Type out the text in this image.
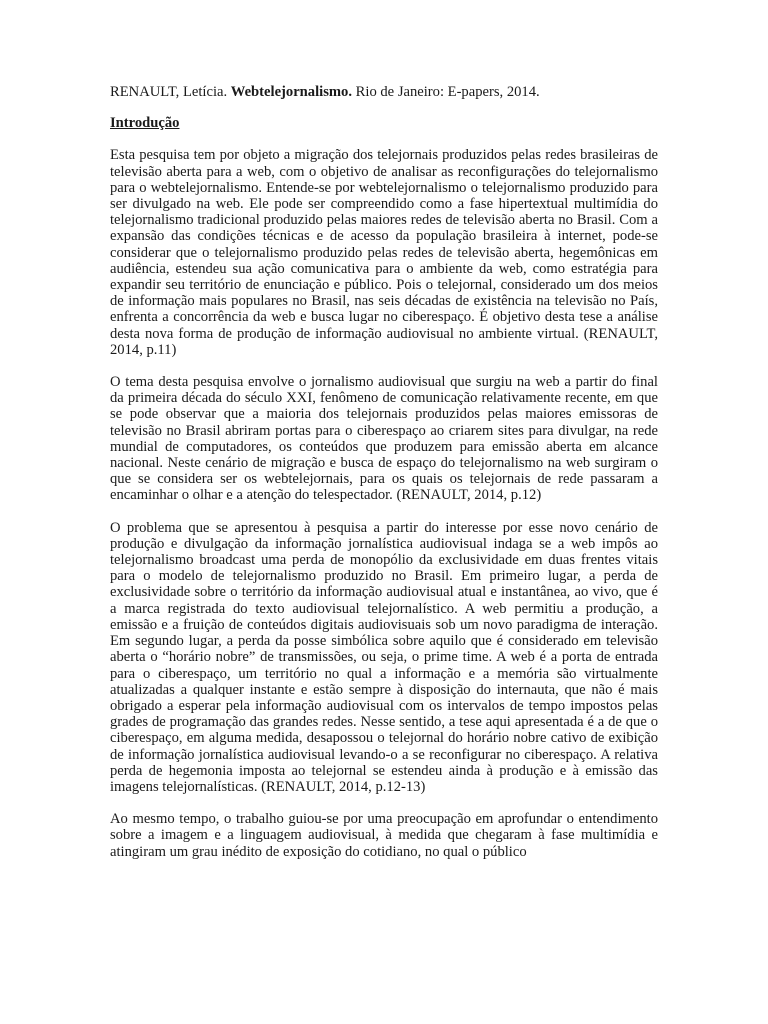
RENAULT, Letícia. Webtelejornalismo. Rio de Janeiro: E-papers, 2014.

Introdução

Esta pesquisa tem por objeto a migração dos telejornais produzidos pelas redes brasileiras de televisão aberta para a web, com o objetivo de analisar as reconfigurações do telejornalismo para o webtelejornalismo. Entende-se por webtelejornalismo o telejornalismo produzido para ser divulgado na web. Ele pode ser compreendido como a fase hipertextual multimídia do telejornalismo tradicional produzido pelas maiores redes de televisão aberta no Brasil. Com a expansão das condições técnicas e de acesso da população brasileira à internet, pode-se considerar que o telejornalismo produzido pelas redes de televisão aberta, hegemônicas em audiência, estendeu sua ação comunicativa para o ambiente da web, como estratégia para expandir seu território de enunciação e público. Pois o telejornal, considerado um dos meios de informação mais populares no Brasil, nas seis décadas de existência na televisão no País, enfrenta a concorrência da web e busca lugar no ciberespaço. É objetivo desta tese a análise desta nova forma de produção de informação audiovisual no ambiente virtual. (RENAULT, 2014, p.11)

O tema desta pesquisa envolve o jornalismo audiovisual que surgiu na web a partir do final da primeira década do século XXI, fenômeno de comunicação relativamente recente, em que se pode observar que a maioria dos telejornais produzidos pelas maiores emissoras de televisão no Brasil abriram portas para o ciberespaço ao criarem sites para divulgar, na rede mundial de computadores, os conteúdos que produzem para emissão aberta em alcance nacional. Neste cenário de migração e busca de espaço do telejornalismo na web surgiram o que se considera ser os webtelejornais, para os quais os telejornais de rede passaram a encaminhar o olhar e a atenção do telespectador. (RENAULT, 2014, p.12)

O problema que se apresentou à pesquisa a partir do interesse por esse novo cenário de produção e divulgação da informação jornalística audiovisual indaga se a web impôs ao telejornalismo broadcast uma perda de monopólio da exclusividade em duas frentes vitais para o modelo de telejornalismo produzido no Brasil. Em primeiro lugar, a perda de exclusividade sobre o território da informação audiovisual atual e instantânea, ao vivo, que é a marca registrada do texto audiovisual telejornalístico. A web permitiu a produção, a emissão e a fruição de conteúdos digitais audiovisuais sob um novo paradigma de interação. Em segundo lugar, a perda da posse simbólica sobre aquilo que é considerado em televisão aberta o “horário nobre” de transmissões, ou seja, o prime time. A web é a porta de entrada para o ciberespaço, um território no qual a informação e a memória são virtualmente atualizadas a qualquer instante e estão sempre à disposição do internauta, que não é mais obrigado a esperar pela informação audiovisual com os intervalos de tempo impostos pelas grades de programação das grandes redes. Nesse sentido, a tese aqui apresentada é a de que o ciberespaço, em alguma medida, desapossou o telejornal do horário nobre cativo de exibição de informação jornalística audiovisual levando-o a se reconfigurar no ciberespaço. A relativa perda de hegemonia imposta ao telejornal se estendeu ainda à produção e à emissão das imagens telejornalísticas. (RENAULT, 2014, p.12-13)

Ao mesmo tempo, o trabalho guiou-se por uma preocupação em aprofundar o entendimento sobre a imagem e a linguagem audiovisual, à medida que chegaram à fase multimídia e atingiram um grau inédito de exposição do cotidiano, no qual o público
